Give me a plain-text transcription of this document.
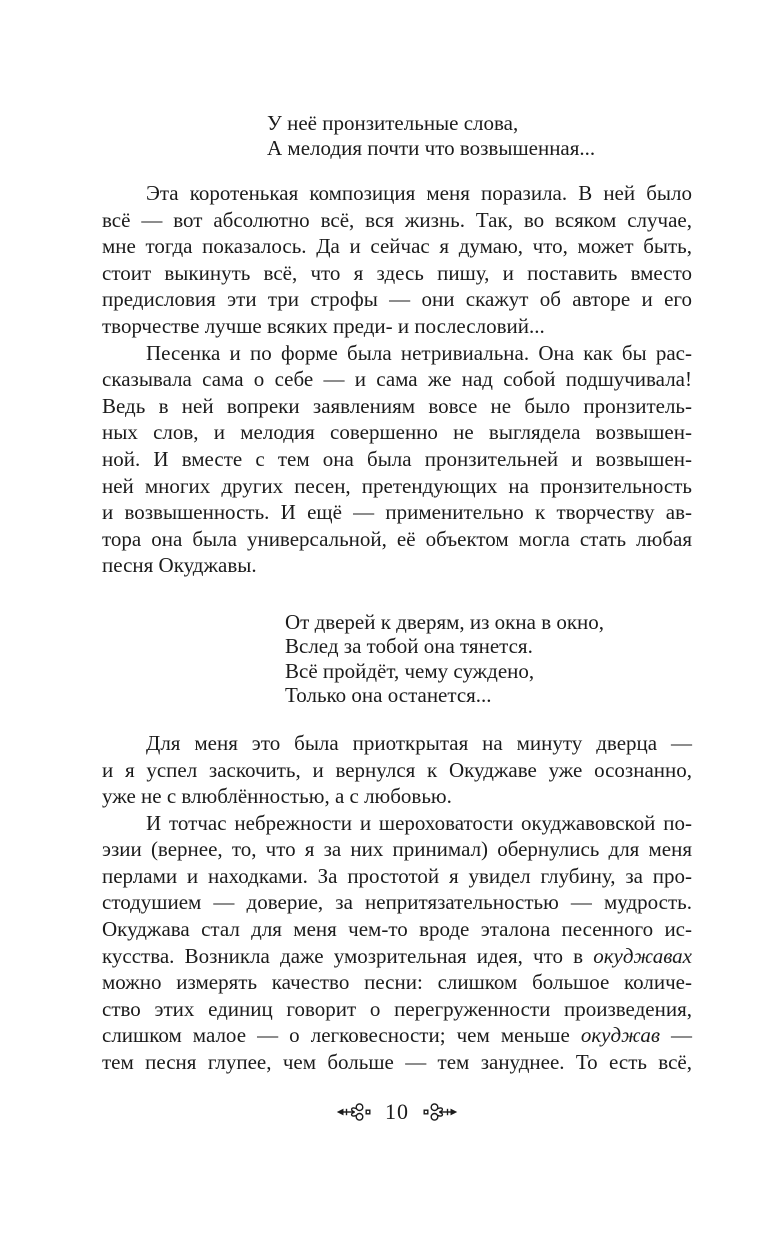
У неё пронзительные слова,
А мелодия почти что возвышенная...
Эта коротенькая композиция меня поразила. В ней было
всё — вот абсолютно всё, вся жизнь. Так, во всяком случае,
мне тогда показалось. Да и сейчас я думаю, что, может быть,
стоит выкинуть всё, что я здесь пишу, и поставить вместо
предисловия эти три строфы — они скажут об авторе и его
творчестве лучше всяких преди- и послесловий...
Песенка и по форме была нетривиальна. Она как бы рас-
сказывала сама о себе — и сама же над собой подшучивала!
Ведь в ней вопреки заявлениям вовсе не было пронзитель-
ных слов, и мелодия совершенно не выглядела возвышен-
ной. И вместе с тем она была пронзительней и возвышен-
ней многих других песен, претендующих на пронзительность
и возвышенность. И ещё — применительно к творчеству ав-
тора она была универсальной, её объектом могла стать любая
песня Окуджавы.
От дверей к дверям, из окна в окно,
Вслед за тобой она тянется.
Всё пройдёт, чему суждено,
Только она останется...
Для меня это была приоткрытая на минуту дверца —
и я успел заскочить, и вернулся к Окуджаве уже осознанно,
уже не с влюблённостью, а с любовью.
И тотчас небрежности и шероховатости окуджавовской по-
эзии (вернее, то, что я за них принимал) обернулись для меня
перлами и находками. За простотой я увидел глубину, за про-
стодушием — доверие, за непритязательностью — мудрость.
Окуджава стал для меня чем-то вроде эталона песенного ис-
кусства. Возникла даже умозрительная идея, что в окуджавах
можно измерять качество песни: слишком большое количе-
ство этих единиц говорит о перегруженности произведения,
слишком малое — о легковесности; чем меньше окуджав —
тем песня глупее, чем больше — тем зануднее. То есть всё,
10
